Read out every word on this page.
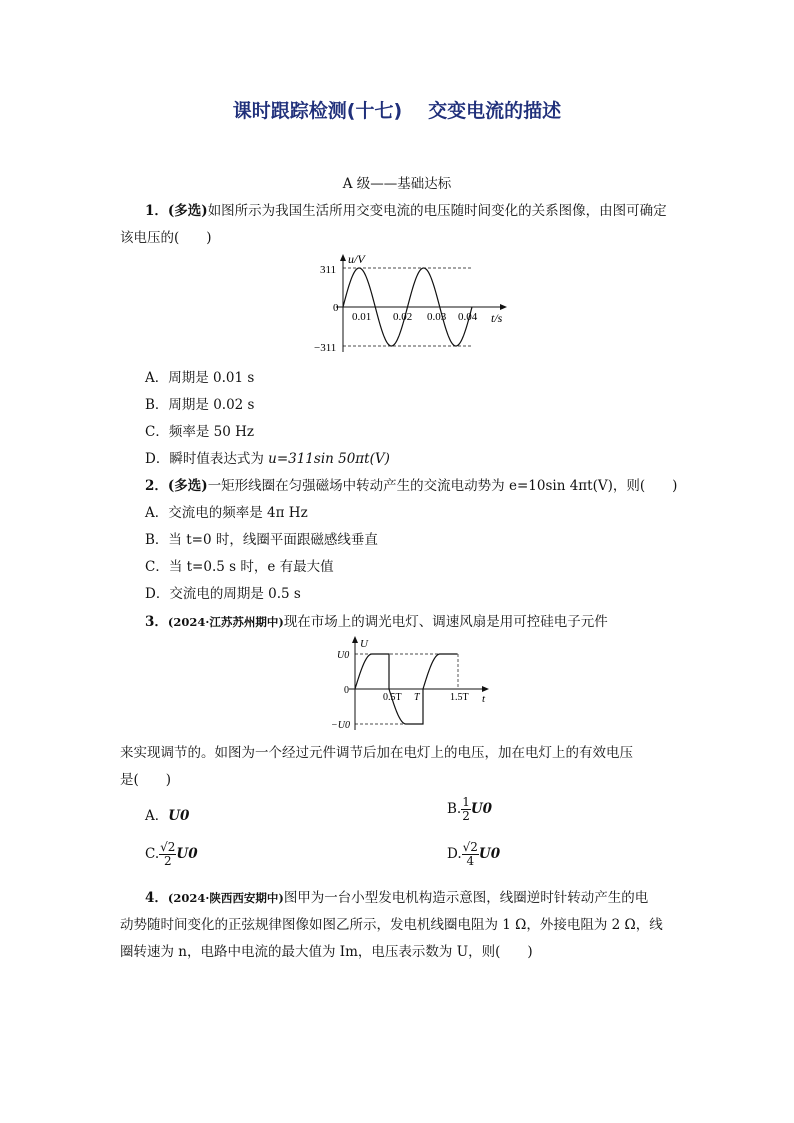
课时跟踪检测(十七) 交变电流的描述
A 级——基础达标
1．(多选)如图所示为我国生活所用交变电流的电压随时间变化的关系图像，由图可确定
该电压的(　　)
u/V
t/s
311
0
−311
0.01 0.02 0.03 0.04
A．周期是 0.01 s
B．周期是 0.02 s
C．频率是 50 Hz
D．瞬时值表达式为 u=311sin 50πt(V)
2．(多选)一矩形线圈在匀强磁场中转动产生的交流电动势为 e=10sin 4πt(V)，则(　　)
A．交流电的频率是 4π Hz
B．当 t=0 时，线圈平面跟磁感线垂直
C．当 t=0.5 s 时，e 有最大值
D．交流电的周期是 0.5 s
3．(2024·江苏苏州期中)现在市场上的调光电灯、调速风扇是用可控硅电子元件
U
t
U0
0
−U0
0.5T T	1.5T
来实现调节的。如图为一个经过元件调节后加在电灯上的电压，加在电灯上的有效电压
是(　　)
A．U0	B. $\frac{1}{2} U0$
C. $\frac{√2}{2} U0$	D. $\frac{√2}{4} U0$
4．(2024·陕西西安期中)图甲为一台小型发电机构造示意图，线圈逆时针转动产生的电
动势随时间变化的正弦规律图像如图乙所示，发电机线圈电阻为 1 Ω，外接电阻为 2 Ω，线
圈转速为 n，电路中电流的最大值为 Im，电压表示数为 U，则(　　)
